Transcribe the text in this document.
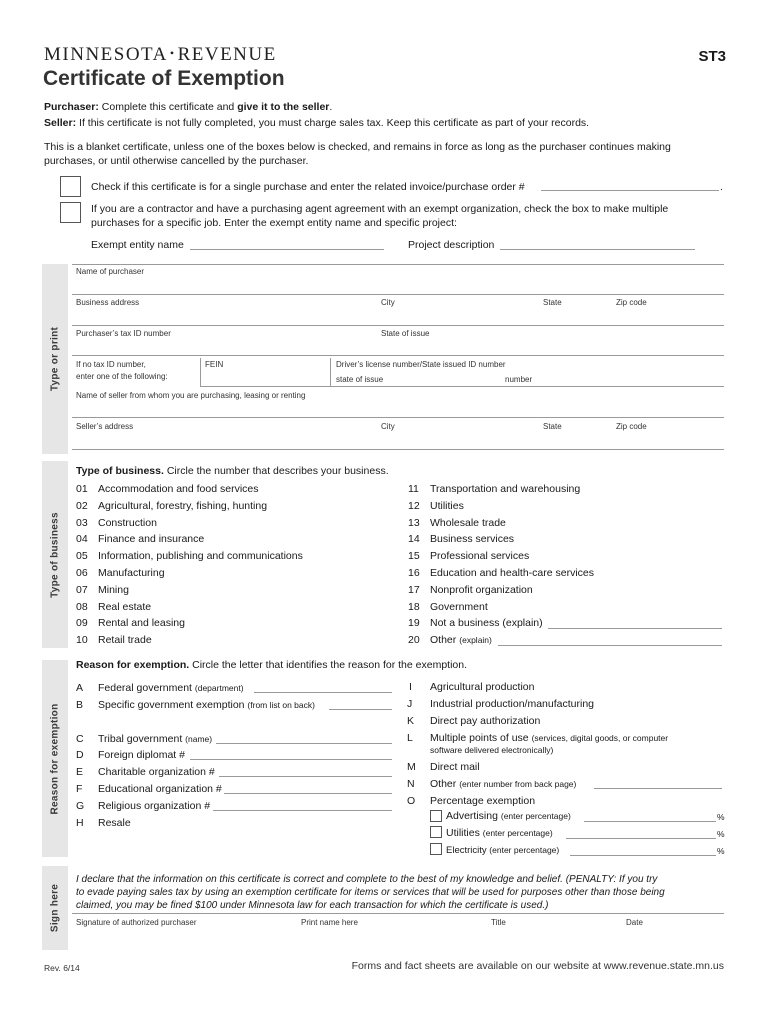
MINNESOTA • REVENUE	ST3
Certificate of Exemption
Purchaser: Complete this certificate and give it to the seller.
Seller: If this certificate is not fully completed, you must charge sales tax. Keep this certificate as part of your records.
This is a blanket certificate, unless one of the boxes below is checked, and remains in force as long as the purchaser continues making
purchases, or until otherwise cancelled by the purchaser.
Check if this certificate is for a single purchase and enter the related invoice/purchase order #	.
If you are a contractor and have a purchasing agent agreement with an exempt organization, check the box to make multiple
purchases for a specific job. Enter the exempt entity name and specific project:
Exempt entity name	Project description
Type or print
Name of purchaser
Business address	City	State	Zip code
Purchaser’s tax ID number	State of issue
If no tax ID number,
enter one of the following:
FEIN	Driver’s license number/State issued ID number
state of issue	number
Name of seller from whom you are purchasing, leasing or renting
Seller’s address	City	State	Zip code
Type of business
Type of business. Circle the number that describes your business.
01 Accommodation and food services
02 Agricultural, forestry, fishing, hunting
03 Construction
04 Finance and insurance
05 Information, publishing and communications
06 Manufacturing
07 Mining
08 Real estate
09 Rental and leasing
10 Retail trade
11 Transportation and warehousing
12 Utilities
13 Wholesale trade
14 Business services
15 Professional services
16 Education and health-care services
17 Nonprofit organization
18 Government
19 Not a business (explain)
20 Other (explain)
Reason for exemption
Reason for exemption. Circle the letter that identifies the reason for the exemption.
A Federal government (department)
B Specific government exemption (from list on back)
C Tribal government (name)
D Foreign diplomat #
E Charitable organization #
F Educational organization #
G Religious organization #
H Resale
I Agricultural production
J Industrial production/manufacturing
K Direct pay authorization
L Multiple points of use (services, digital goods, or computer
software delivered electronically)
M Direct mail
N Other (enter number from back page)
O Percentage exemption
Advertising (enter percentage)	%
Utilities (enter percentage)	%
Electricity (enter percentage)	%
Sign here
I declare that the information on this certificate is correct and complete to the best of my knowledge and belief. (PENALTY: If you try
to evade paying sales tax by using an exemption certificate for items or services that will be used for purposes other than those being
claimed, you may be fined $100 under Minnesota law for each transaction for which the certificate is used.)
Signature of authorized purchaser	Print name here	Title	Date
Rev. 6/14	Forms and fact sheets are available on our website at www.revenue.state.mn.us
